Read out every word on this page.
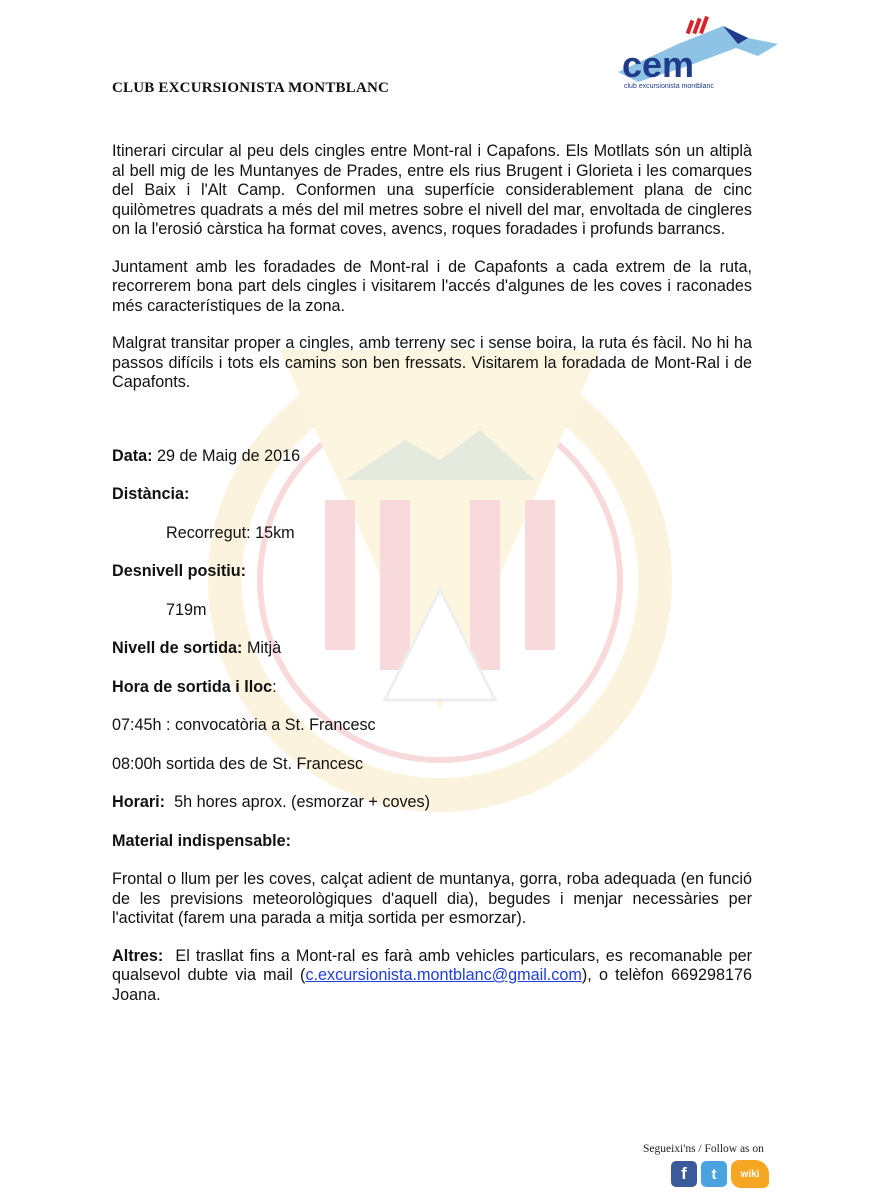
cem
club excursionista montblanc
CLUB EXCURSIONISTA MONTBLANC

Itinerari circular al peu dels cingles entre Mont-ral i Capafons. Els Motllats són un altiplà al bell mig de les Muntanyes de Prades, entre els rius Brugent i Glorieta i les comarques del Baix i l'Alt Camp. Conformen una superfície considerablement plana de cinc quilòmetres quadrats a més del mil metres sobre el nivell del mar, envoltada de cingleres on la l'erosió càrstica ha format coves, avencs, roques foradades i profunds barrancs.

Juntament amb les foradades de Mont-ral i de Capafonts a cada extrem de la ruta, recorrerem bona part dels cingles i visitarem l'accés d'algunes de les coves i raconades més característiques de la zona.

Malgrat transitar proper a cingles, amb terreny sec i sense boira, la ruta és fàcil. No hi ha passos difícils i tots els camins son ben fressats. Visitarem la foradada de Mont-Ral i de Capafonts.

Data: 29 de Maig de 2016

Distància:

Recorregut: 15km

Desnivell positiu:

719m

Nivell de sortida: Mitjà

Hora de sortida i lloc:

07:45h : convocatòria a St. Francesc

08:00h sortida des de St. Francesc

Horari: 5h hores aprox. (esmorzar + coves)

Material indispensable:

Frontal o llum per les coves, calçat adient de muntanya, gorra, roba adequada (en funció de les previsions meteorològiques d'aquell dia), begudes i menjar necessàries per l'activitat (farem una parada a mitja sortida per esmorzar).

Altres: El trasllat fins a Mont-ral es farà amb vehicles particulars, es recomanable per qualsevol dubte via mail (c.excursionista.montblanc@gmail.com), o telèfon 669298176 Joana.

Segueixi'ns / Follow as on
f	t	wiki
